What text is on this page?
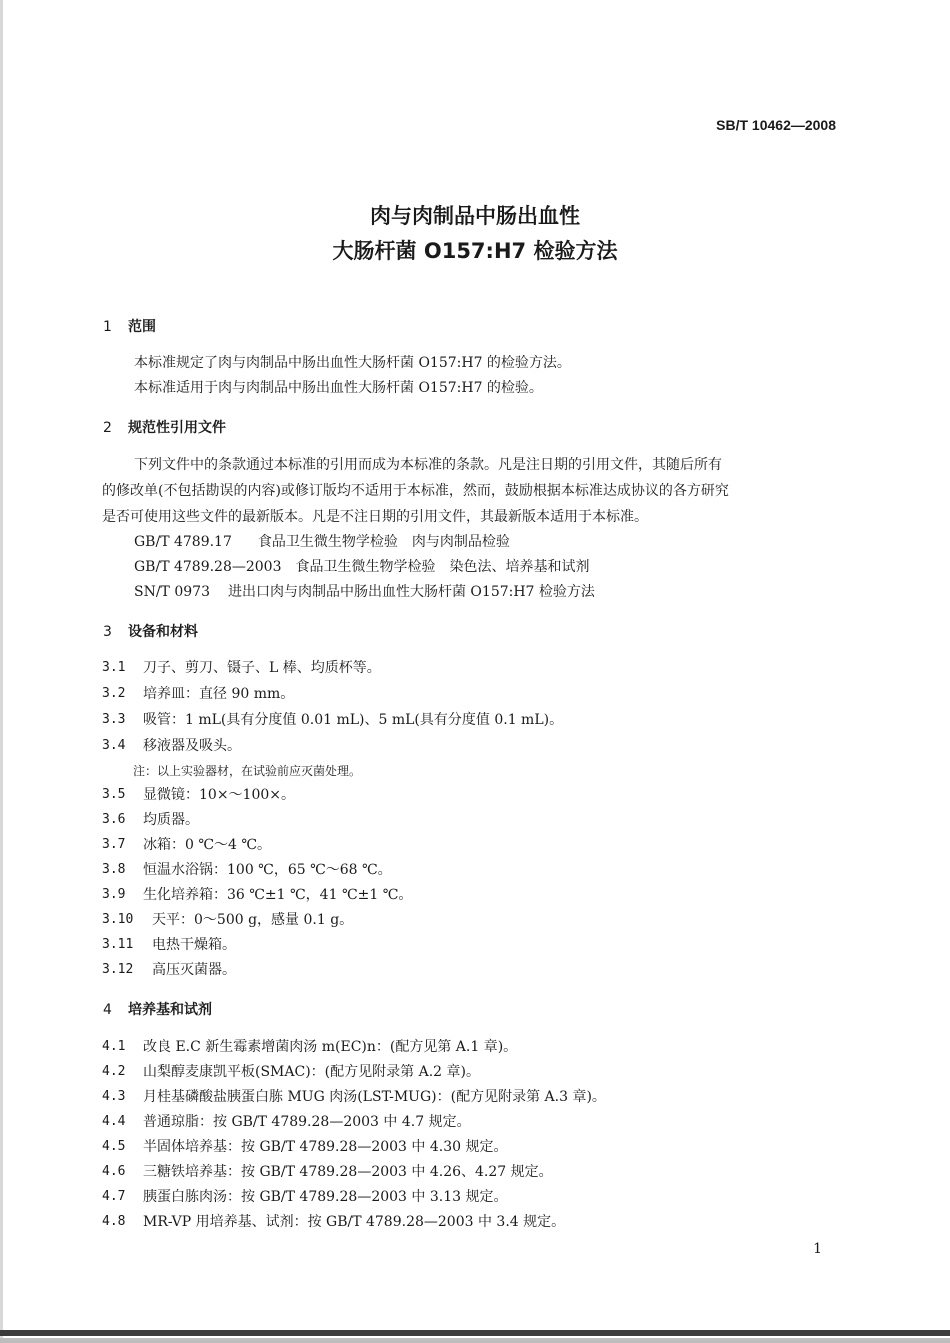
SB/T 10462—2008
肉与肉制品中肠出血性
大肠杆菌 O157:H7 检验方法
1 范围
本标准规定了肉与肉制品中肠出血性大肠杆菌 O157:H7 的检验方法。
本标准适用于肉与肉制品中肠出血性大肠杆菌 O157:H7 的检验。
2 规范性引用文件
下列文件中的条款通过本标准的引用而成为本标准的条款。凡是注日期的引用文件，其随后所有
的修改单(不包括勘误的内容)或修订版均不适用于本标准，然而，鼓励根据本标准达成协议的各方研究
是否可使用这些文件的最新版本。凡是不注日期的引用文件，其最新版本适用于本标准。
GB/T 4789.17 食品卫生微生物学检验　肉与肉制品检验
GB/T 4789.28—2003 食品卫生微生物学检验　染色法、培养基和试剂
SN/T 0973 进出口肉与肉制品中肠出血性大肠杆菌 O157:H7 检验方法
3 设备和材料
3.1 刀子、剪刀、镊子、L 棒、均质杯等。
3.2 培养皿：直径 90 mm。
3.3 吸管：1 mL(具有分度值 0.01 mL)、5 mL(具有分度值 0.1 mL)。
3.4 移液器及吸头。
注：以上实验器材，在试验前应灭菌处理。
3.5 显微镜：10×～100×。
3.6 均质器。
3.7 冰箱：0 ℃～4 ℃。
3.8 恒温水浴锅：100 ℃，65 ℃～68 ℃。
3.9 生化培养箱：36 ℃±1 ℃，41 ℃±1 ℃。
3.10 天平：0～500 g，感量 0.1 g。
3.11 电热干燥箱。
3.12 高压灭菌器。
4 培养基和试剂
4.1 改良 E.C 新生霉素增菌肉汤 m(EC)n：(配方见第 A.1 章)。
4.2 山梨醇麦康凯平板(SMAC)：(配方见附录第 A.2 章)。
4.3 月桂基磷酸盐胰蛋白胨 MUG 肉汤(LST-MUG)：(配方见附录第 A.3 章)。
4.4 普通琼脂：按 GB/T 4789.28—2003 中 4.7 规定。
4.5 半固体培养基：按 GB/T 4789.28—2003 中 4.30 规定。
4.6 三糖铁培养基：按 GB/T 4789.28—2003 中 4.26、4.27 规定。
4.7 胰蛋白胨肉汤：按 GB/T 4789.28—2003 中 3.13 规定。
4.8 MR-VP 用培养基、试剂：按 GB/T 4789.28—2003 中 3.4 规定。
1
